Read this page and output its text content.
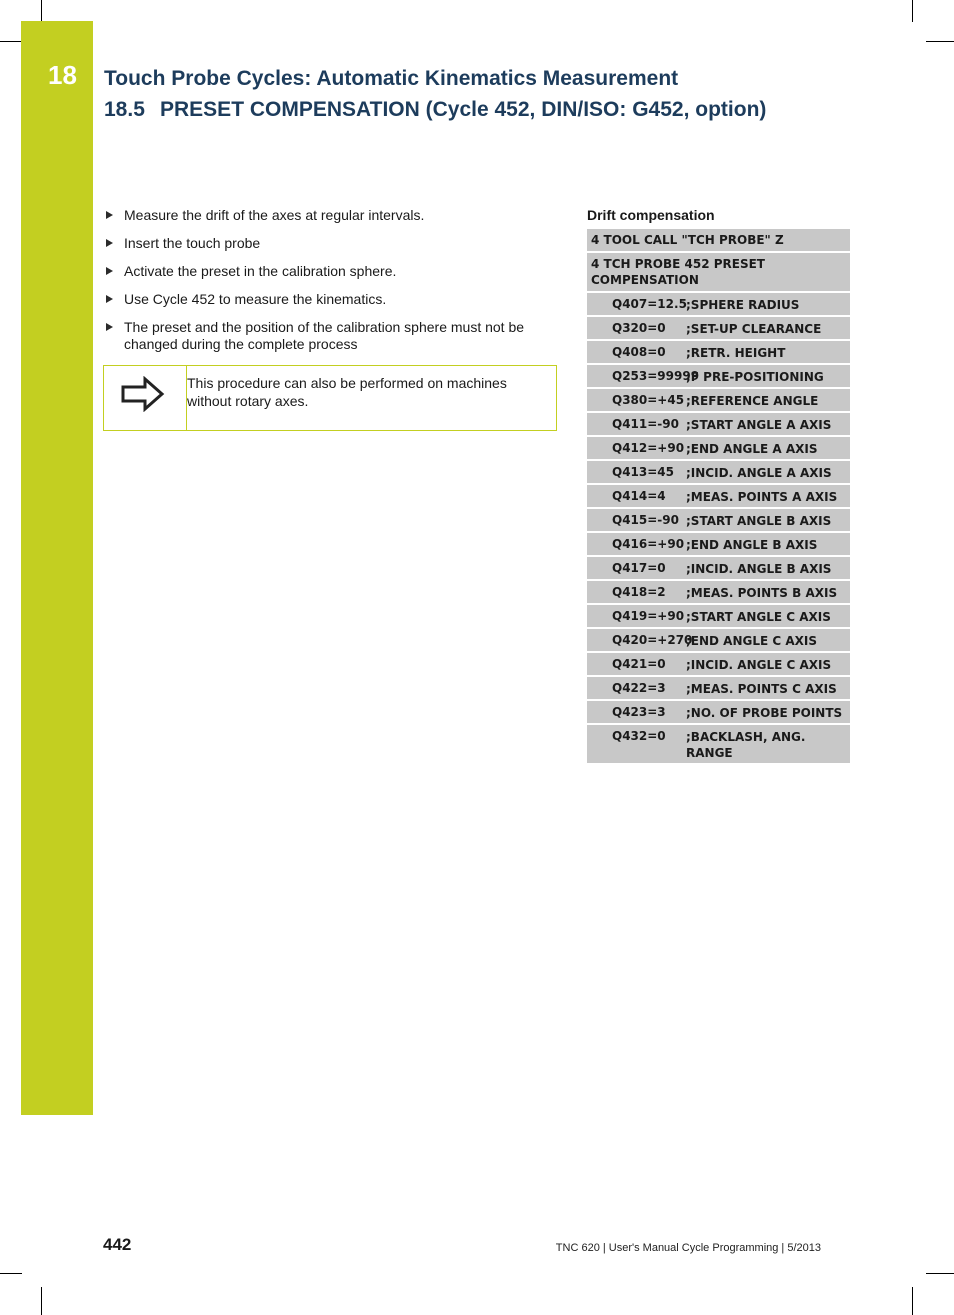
18 Touch Probe Cycles: Automatic Kinematics Measurement
18.5 PRESET COMPENSATION (Cycle 452, DIN/ISO: G452, option)
Measure the drift of the axes at regular intervals.
Insert the touch probe
Activate the preset in the calibration sphere.
Use Cycle 452 to measure the kinematics.
The preset and the position of the calibration sphere must not be changed during the complete process
This procedure can also be performed on machines without rotary axes.
Drift compensation
4 TOOL CALL "TCH PROBE" Z
4 TCH PROBE 452 PRESET COMPENSATION
Q407=12.5 ;SPHERE RADIUS
Q320=0 ;SET-UP CLEARANCE
Q408=0 ;RETR. HEIGHT
Q253=99999
;F PRE-POSITIONING
Q380=+45 ;REFERENCE ANGLE
Q411=-90 ;START ANGLE A AXIS
Q412=+90 ;END ANGLE A AXIS
Q413=45 ;INCID. ANGLE A AXIS
Q414=4 ;MEAS. POINTS A AXIS
Q415=-90 ;START ANGLE B AXIS
Q416=+90 ;END ANGLE B AXIS
Q417=0 ;INCID. ANGLE B AXIS
Q418=2 ;MEAS. POINTS B AXIS
Q419=+90 ;START ANGLE C AXIS
Q420=+270
;END ANGLE C AXIS
Q421=0 ;INCID. ANGLE C AXIS
Q422=3 ;MEAS. POINTS C AXIS
Q423=3 ;NO. OF PROBE POINTS
Q432=0 ;BACKLASH, ANG. RANGE
442	TNC 620 | User's Manual Cycle Programming | 5/2013
